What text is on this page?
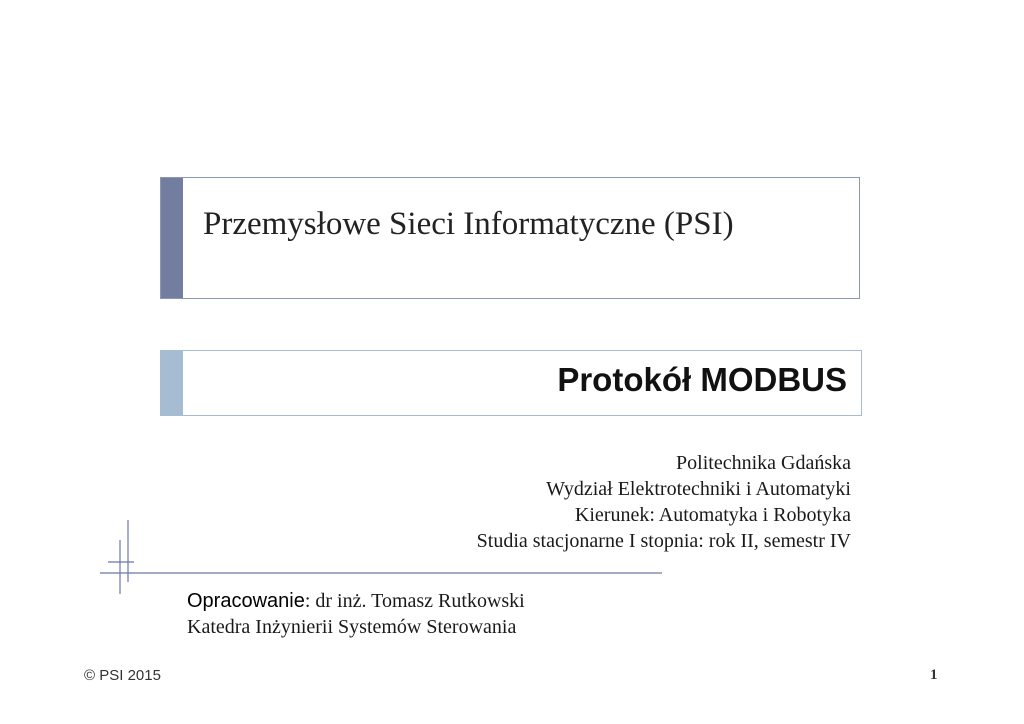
Przemysłowe Sieci Informatyczne (PSI)
Protokół MODBUS
Politechnika Gdańska
Wydział Elektrotechniki i Automatyki
Kierunek: Automatyka i Robotyka
Studia stacjonarne I stopnia: rok II, semestr IV
Opracowanie: dr inż. Tomasz Rutkowski
Katedra Inżynierii Systemów Sterowania
© PSI 2015	1
